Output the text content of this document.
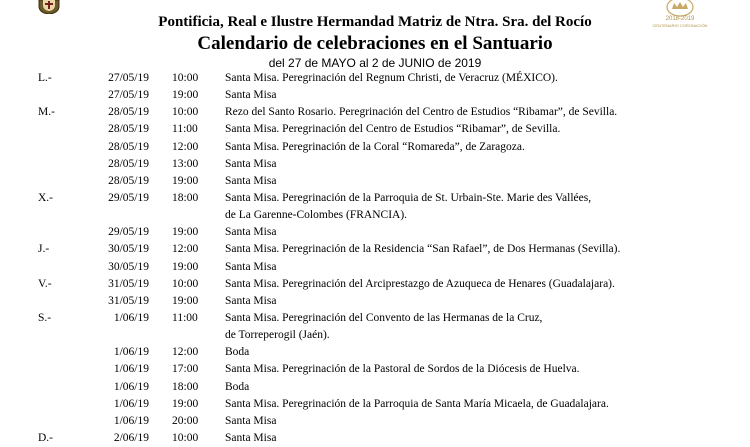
2018-2019
CENTENARIO CORONACIÓN
Pontificia, Real e Ilustre Hermandad Matriz de Ntra. Sra. del Rocío
Calendario de celebraciones en el Santuario
del 27 de MAYO al 2 de JUNIO de 2019
L.-	27/05/19 10:00 Santa Misa. Peregrinación del Regnum Christi, de Veracruz (MÉXICO).
27/05/19 19:00 Santa Misa
M.-	28/05/19 10:00 Rezo del Santo Rosario. Peregrinación del Centro de Estudios “Ribamar”, de Sevilla.
28/05/19 11:00 Santa Misa. Peregrinación del Centro de Estudios “Ribamar”, de Sevilla.
28/05/19 12:00 Santa Misa. Peregrinación de la Coral “Romareda”, de Zaragoza.
28/05/19 13:00 Santa Misa
28/05/19 19:00 Santa Misa
X.-	29/05/19 18:00 Santa Misa. Peregrinación de la Parroquia de St. Urbain-Ste. Marie des Vallées,
de La Garenne-Colombes (FRANCIA).
29/05/19 19:00 Santa Misa
J.-	30/05/19 12:00 Santa Misa. Peregrinación de la Residencia “San Rafael”, de Dos Hermanas (Sevilla).
30/05/19 19:00 Santa Misa
V.-	31/05/19 10:00 Santa Misa. Peregrinación del Arciprestazgo de Azuqueca de Henares (Guadalajara).
31/05/19 19:00 Santa Misa
S.-	1/06/19 11:00 Santa Misa. Peregrinación del Convento de las Hermanas de la Cruz,
de Torreperogil (Jaén).
1/06/19 12:00 Boda
1/06/19 17:00 Santa Misa. Peregrinación de la Pastoral de Sordos de la Diócesis de Huelva.
1/06/19 18:00 Boda
1/06/19 19:00 Santa Misa. Peregrinación de la Parroquia de Santa María Micaela, de Guadalajara.
1/06/19 20:00 Santa Misa
D.-	2/06/19 10:00 Santa Misa
